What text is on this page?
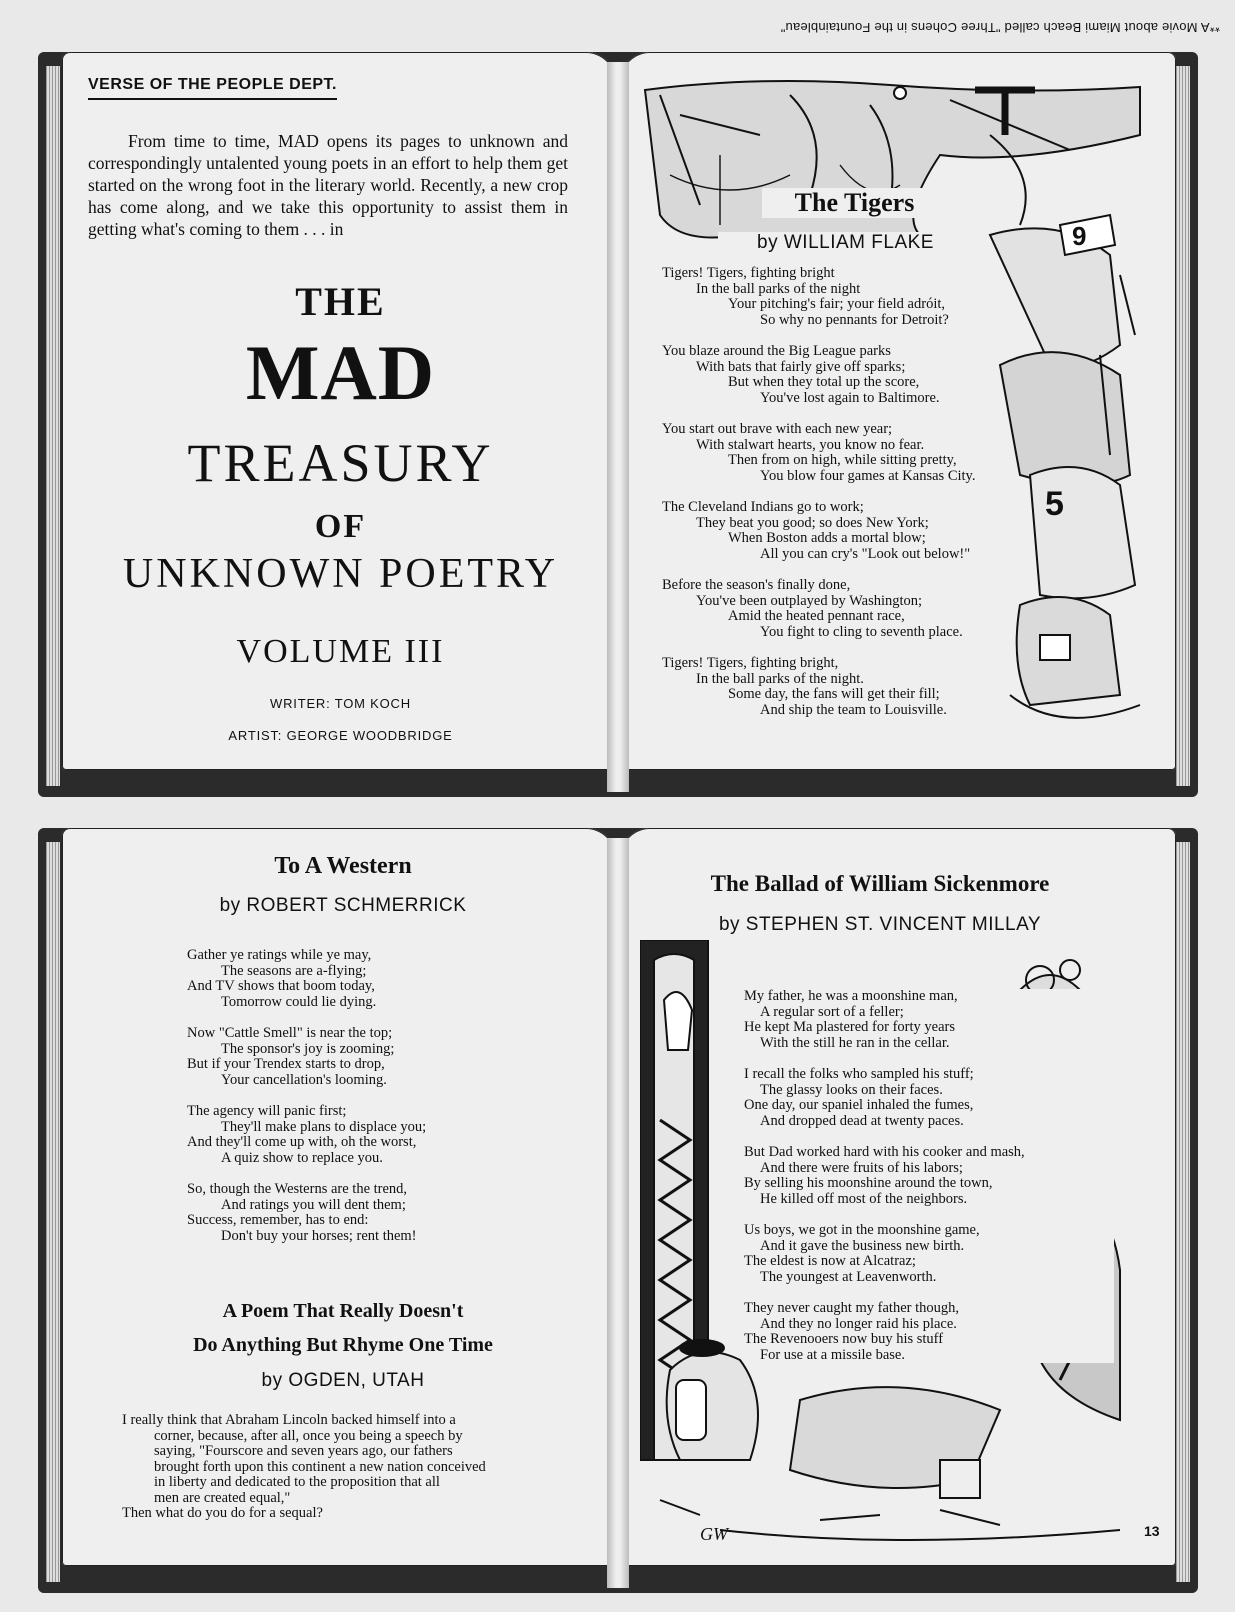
**A Movie about Miami Beach called "Three Cohens in the Fountainbleau"
VERSE OF THE PEOPLE DEPT.
From time to time, MAD opens its pages to unknown and correspondingly untalented young poets in an effort to help them get started on the wrong foot in the literary world. Recently, a new crop has come along, and we take this opportunity to assist them in getting what's coming to them . . . in
THE
MAD
TREASURY
OF
UNKNOWN POETRY
VOLUME III
WRITER: TOM KOCH
ARTIST: GEORGE WOODBRIDGE
9
5
The Tigers
by WILLIAM FLAKE
Tigers! Tigers, fighting bright
In the ball parks of the night
Your pitching's fair; your field adróit,
So why no pennants for Detroit?
You blaze around the Big League parks
With bats that fairly give off sparks;
But when they total up the score,
You've lost again to Baltimore.
You start out brave with each new year;
With stalwart hearts, you know no fear.
Then from on high, while sitting pretty,
You blow four games at Kansas City.
The Cleveland Indians go to work;
They beat you good; so does New York;
When Boston adds a mortal blow;
All you can cry's "Look out below!"
Before the season's finally done,
You've been outplayed by Washington;
Amid the heated pennant race,
You fight to cling to seventh place.
Tigers! Tigers, fighting bright,
In the ball parks of the night.
Some day, the fans will get their fill;
And ship the team to Louisville.
To A Western
by ROBERT SCHMERRICK
Gather ye ratings while ye may,
The seasons are a-flying;
And TV shows that boom today,
Tomorrow could lie dying.
Now "Cattle Smell" is near the top;
The sponsor's joy is zooming;
But if your Trendex starts to drop,
Your cancellation's looming.
The agency will panic first;
They'll make plans to displace you;
And they'll come up with, oh the worst,
A quiz show to replace you.
So, though the Westerns are the trend,
And ratings you will dent them;
Success, remember, has to end:
Don't buy your horses; rent them!
A Poem That Really Doesn't
Do Anything But Rhyme One Time
by OGDEN, UTAH
I really think that Abraham Lincoln backed himself into a
corner, because, after all, once you being a speech by
saying, "Fourscore and seven years ago, our fathers
brought forth upon this continent a new nation conceived
in liberty and dedicated to the proposition that all
men are created equal,"
Then what do you do for a sequal?
The Ballad of William Sickenmore
by STEPHEN ST. VINCENT MILLAY
GW
My father, he was a moonshine man,
A regular sort of a feller;
He kept Ma plastered for forty years
With the still he ran in the cellar.
I recall the folks who sampled his stuff;
The glassy looks on their faces.
One day, our spaniel inhaled the fumes,
And dropped dead at twenty paces.
But Dad worked hard with his cooker and mash,
And there were fruits of his labors;
By selling his moonshine around the town,
He killed off most of the neighbors.
Us boys, we got in the moonshine game,
And it gave the business new birth.
The eldest is now at Alcatraz;
The youngest at Leavenworth.
They never caught my father though,
And they no longer raid his place.
The Revenooers now buy his stuff
For use at a missile base.
13
